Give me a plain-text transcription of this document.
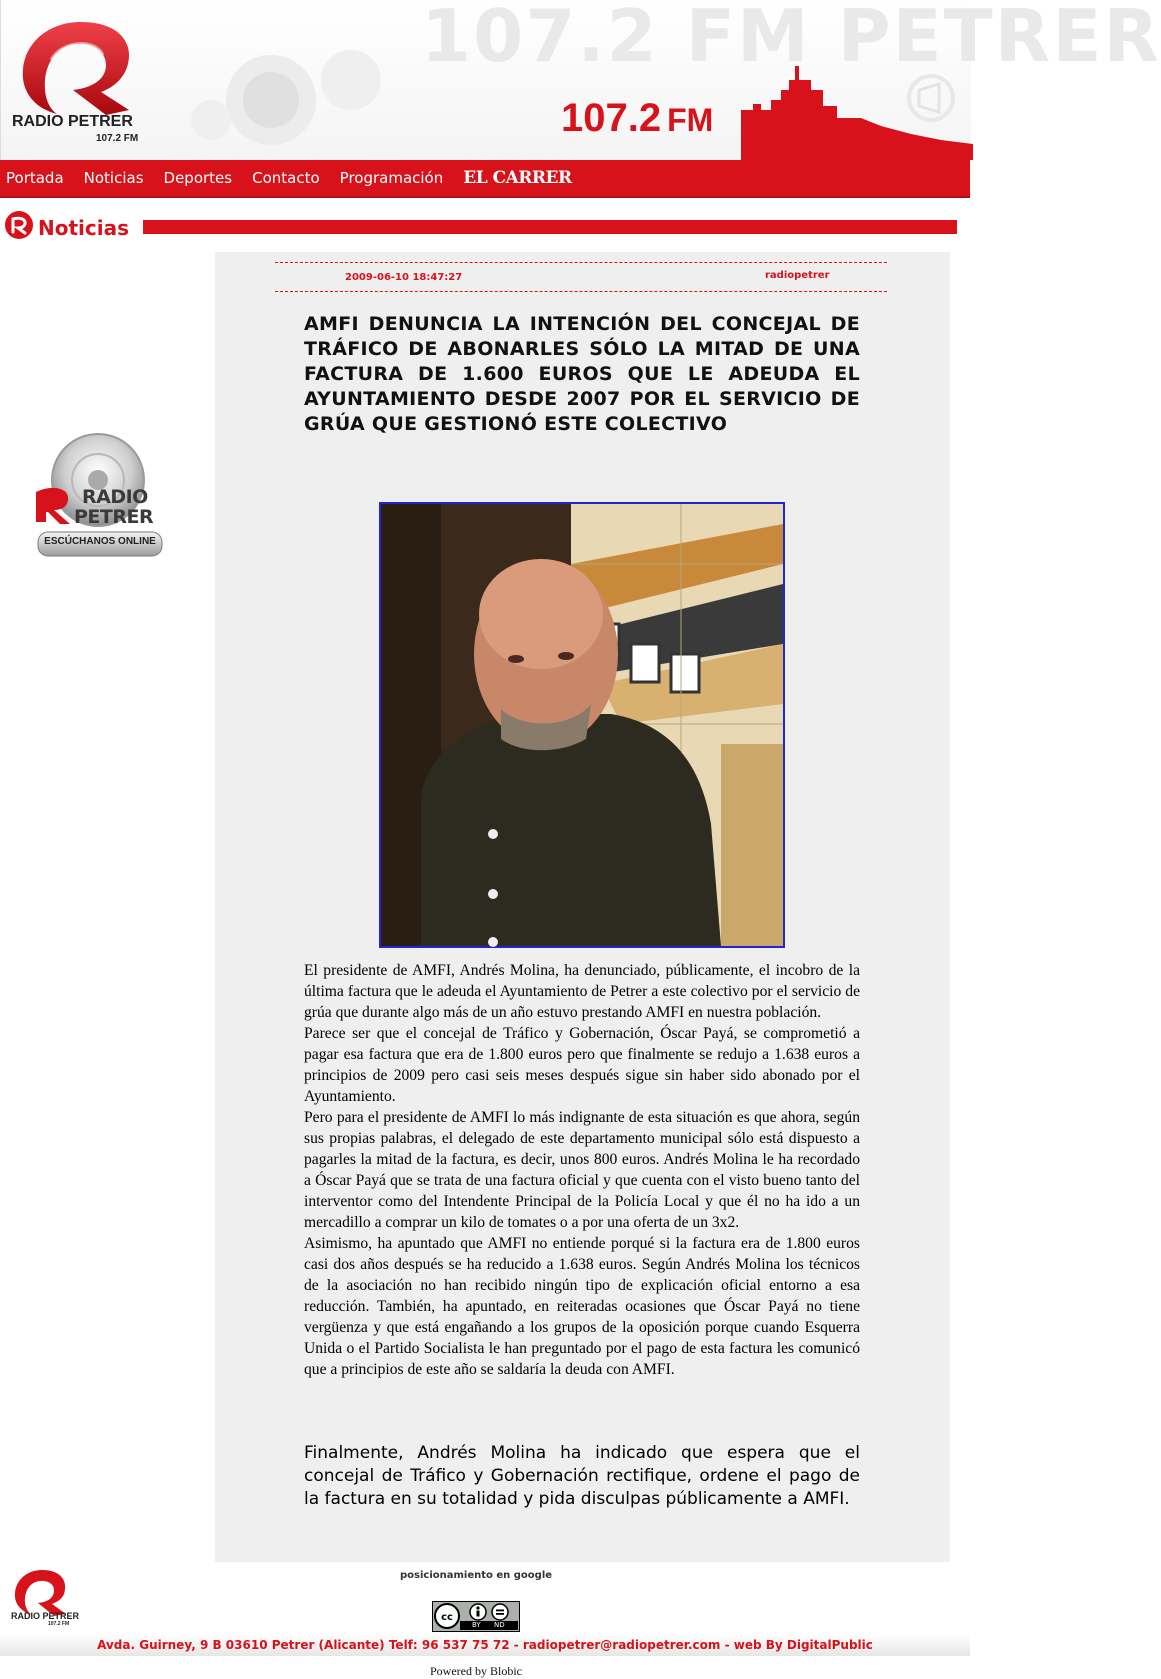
107.2 FM PETRER
RADIO PETRER
107.2 FM	107.2 FM
Portada Noticias Deportes Contacto Programación EL CARRER
Noticias
RADIO
PETRER
ESCÚCHANOS ONLINE
2009-06-10 18:47:27	radiopetrer
AMFI DENUNCIA LA INTENCIÓN DEL CONCEJAL DE TRÁFICO DE ABONARLES SÓLO LA MITAD DE UNA FACTURA DE 1.600 EUROS QUE LE ADEUDA EL AYUNTAMIENTO DESDE 2007 POR EL SERVICIO DE GRÚA QUE GESTIONÓ ESTE COLECTIVO

El presidente de AMFI, Andrés Molina, ha denunciado, públicamente, el incobro de la última factura que le adeuda el Ayuntamiento de Petrer a este colectivo por el servicio de grúa que durante algo más de un año estuvo prestando AMFI en nuestra población.

Parece ser que el concejal de Tráfico y Gobernación, Óscar Payá, se comprometió a pagar esa factura que era de 1.800 euros pero que finalmente se redujo a 1.638 euros a principios de 2009 pero casi seis meses después sigue sin haber sido abonado por el Ayuntamiento.

Pero para el presidente de AMFI lo más indignante de esta situación es que ahora, según sus propias palabras, el delegado de este departamento municipal sólo está dispuesto a pagarles la mitad de la factura, es decir, unos 800 euros. Andrés Molina le ha recordado a Óscar Payá que se trata de una factura oficial y que cuenta con el visto bueno tanto del interventor como del Intendente Principal de la Policía Local y que él no ha ido a un mercadillo a comprar un kilo de tomates o a por una oferta de un 3x2.

Asimismo, ha apuntado que AMFI no entiende porqué si la factura era de 1.800 euros casi dos años después se ha reducido a 1.638 euros. Según Andrés Molina los técnicos de la asociación no han recibido ningún tipo de explicación oficial entorno a esa reducción. También, ha apuntado, en reiteradas ocasiones que Óscar Payá no tiene vergüenza y que está engañando a los grupos de la oposición porque cuando Esquerra Unida o el Partido Socialista le han preguntado por el pago de esta factura les comunicó que a principios de este año se saldaría la deuda con AMFI.

Finalmente, Andrés Molina ha indicado que espera que el concejal de Tráfico y Gobernación rectifique, ordene el pago de la factura en su totalidad y pida disculpas públicamente a AMFI.
posicionamiento en google
RADIO PETRER
107.2 FM
cc
BY ND
Avda. Guirney, 9 B 03610 Petrer (Alicante) Telf: 96 537 75 72 - radiopetrer@radiopetrer.com - web By DigitalPublic
Powered by Blobic
